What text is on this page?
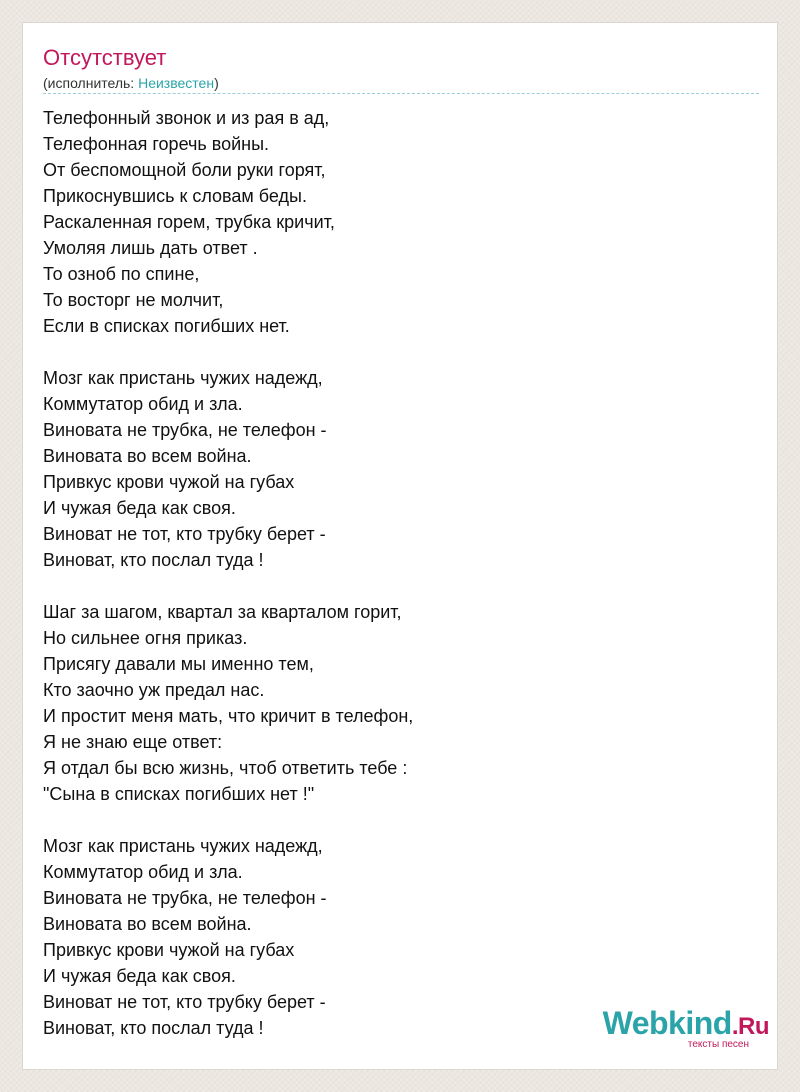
Отсутствует
(исполнитель: Неизвестен)
Телефонный звонок и из рая в ад,
Телефонная горечь войны.
От беспомощной боли руки горят,
Прикоснувшись к словам беды.
Раскаленная горем, трубка кричит,
Умоляя лишь дать ответ .
То озноб по спине,
То восторг не молчит,
Если в списках погибших нет.
Мозг как пристань чужих надежд,
Коммутатор обид и зла.
Виновата не трубка, не телефон -
Виновата во всем война.
Привкус крови чужой на губах
И чужая беда как своя.
Виноват не тот, кто трубку берет -
Виноват, кто послал туда !
Шаг за шагом, квартал за кварталом горит,
Но сильнее огня приказ.
Присягу давали мы именно тем,
Кто заочно уж предал нас.
И простит меня мать, что кричит в телефон,
Я не знаю еще ответ:
Я отдал бы всю жизнь, чтоб ответить тебе :
"Сына в списках погибших нет !"
Мозг как пристань чужих надежд,
Коммутатор обид и зла.
Виновата не трубка, не телефон -
Виновата во всем война.
Привкус крови чужой на губах
И чужая беда как своя.
Виноват не тот, кто трубку берет -
Виноват, кто послал туда !	Webkind.Ru
тексты песен
